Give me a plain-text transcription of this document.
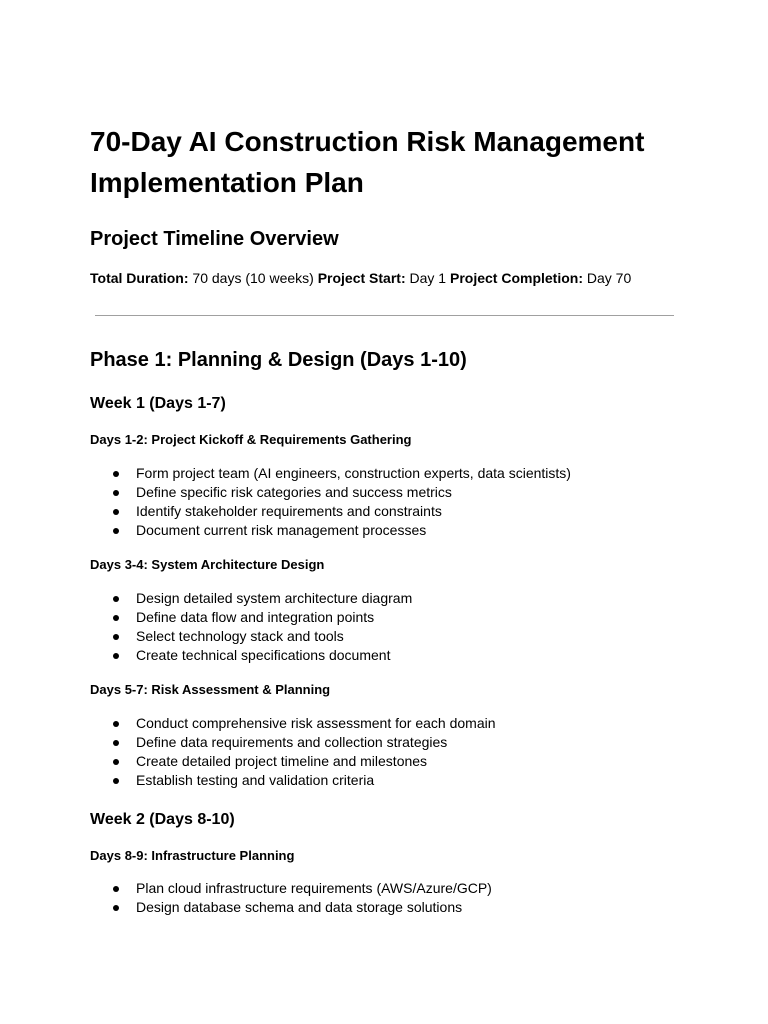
70-Day AI Construction Risk Management Implementation Plan
Project Timeline Overview
Total Duration: 70 days (10 weeks) Project Start: Day 1 Project Completion: Day 70
Phase 1: Planning & Design (Days 1-10)
Week 1 (Days 1-7)
Days 1-2: Project Kickoff & Requirements Gathering
Form project team (AI engineers, construction experts, data scientists)
Define specific risk categories and success metrics
Identify stakeholder requirements and constraints
Document current risk management processes
Days 3-4: System Architecture Design
Design detailed system architecture diagram
Define data flow and integration points
Select technology stack and tools
Create technical specifications document
Days 5-7: Risk Assessment & Planning
Conduct comprehensive risk assessment for each domain
Define data requirements and collection strategies
Create detailed project timeline and milestones
Establish testing and validation criteria
Week 2 (Days 8-10)
Days 8-9: Infrastructure Planning
Plan cloud infrastructure requirements (AWS/Azure/GCP)
Design database schema and data storage solutions
